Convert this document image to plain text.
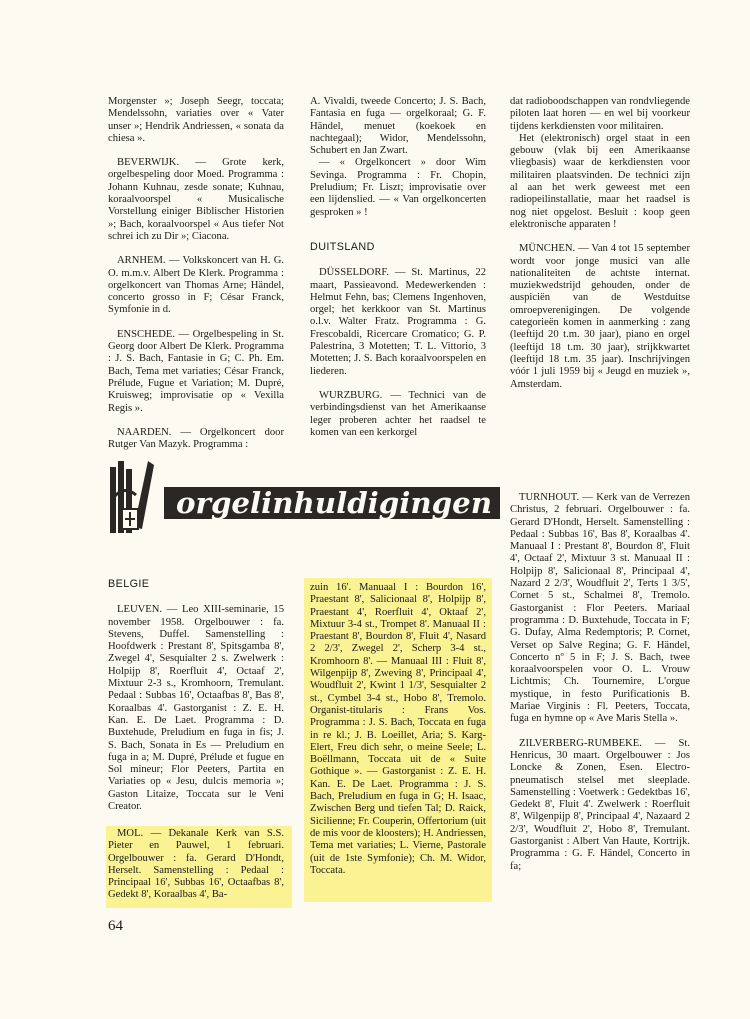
Morgenster »; Joseph Seegr, toccata; Mendelssohn, variaties over « Vater unser »; Hendrik Andriessen, « sonata da chiesa ».

BEVERWIJK. — Grote kerk, orgelbespeling door Moed. Programma : Johann Kuhnau, zesde sonate; Kuhnau, koraalvoorspel « Musicalische Vorstellung einiger Biblischer Historien »; Bach, koraalvoorspel « Aus tiefer Not schrei ich zu Dir »; Ciacona.

ARNHEM. — Volkskoncert van H. G. O. m.m.v. Albert De Klerk. Programma : orgelkoncert van Thomas Arne; Händel, concerto grosso in F; César Franck, Symfonie in d.

ENSCHEDE. — Orgelbespeling in St. Georg door Albert De Klerk. Programma : J. S. Bach, Fantasie in G; C. Ph. Em. Bach, Tema met variaties; César Franck, Prélude, Fugue et Variation; M. Dupré, Kruisweg; improvisatie op « Vexilla Regis ».

NAARDEN. — Orgelkoncert door Rutger Van Mazyk. Programma :

A. Vivaldi, tweede Concerto; J. S. Bach, Fantasia en fuga — orgelkoraal; G. F. Händel, menuet (koekoek en nachtegaal); Widor, Mendelssohn, Schubert en Jan Zwart.

— « Orgelkoncert » door Wim Sevinga. Programma : Fr. Chopin, Preludium; Fr. Liszt; improvisatie over een lijdenslied. — « Van orgelkoncerten gesproken » !

DUITSLAND

DÜSSELDORF. — St. Martinus, 22 maart, Passieavond. Medewerkenden : Helmut Fehn, bas; Clemens Ingenhoven, orgel; het kerkkoor van St. Martinus o.l.v. Walter Fratz. Programma : G. Frescobaldi, Ricercare Cromatico; G. P. Palestrina, 3 Motetten; T. L. Vittorio, 3 Motetten; J. S. Bach koraalvoorspelen en liederen.

WURZBURG. — Technici van de verbindingsdienst van het Amerikaanse leger proberen achter het raadsel te komen van een kerkorgel

dat radioboodschappen van rondvliegende piloten laat horen — en wel bij voorkeur tijdens kerkdiensten voor militairen.

Het (elektronisch) orgel staat in een gebouw (vlak bij een Amerikaanse vliegbasis) waar de kerkdiensten voor militairen plaatsvinden. De technici zijn al aan het werk geweest met een radiopeilinstallatie, maar het raadsel is nog niet opgelost. Besluit : koop geen elektronische apparaten !

MÜNCHEN. — Van 4 tot 15 september wordt voor jonge musici van alle nationaliteiten de achtste internat. muziekwedstrijd gehouden, onder de auspiciën van de Westduitse omroepverenigingen. De volgende categorieën komen in aanmerking : zang (leeftijd 20 t.m. 30 jaar), piano en orgel (leeftijd 18 t.m. 30 jaar), strijkkwartet (leeftijd 18 t.m. 35 jaar). Inschrijvingen vóór 1 juli 1959 bij « Jeugd en muziek », Amsterdam.

orgelinhuldigingen
BELGIE

LEUVEN. — Leo XIII-seminarie, 15 november 1958. Orgelbouwer : fa. Stevens, Duffel. Samenstelling : Hoofdwerk : Prestant 8', Spitsgamba 8', Zwegel 4', Sesquialter 2 s. Zwelwerk : Holpijp 8', Roerfluit 4', Octaaf 2', Mixtuur 2-3 s., Kromhoorn, Tremulant. Pedaal : Subbas 16', Octaafbas 8', Bas 8', Koraalbas 4'. Gastorganist : Z. E. H. Kan. E. De Laet. Programma : D. Buxtehude, Preludium en fuga in fis; J. S. Bach, Sonata in Es — Preludium en fuga in a; M. Dupré, Prélude et fugue en Sol mineur; Flor Peeters, Partita en Variaties op « Jesu, dulcis memoria »; Gaston Litaize, Toccata sur le Veni Creator.

MOL. — Dekanale Kerk van S.S. Pieter en Pauwel, 1 februari. Orgelbouwer : fa. Gerard D'Hondt, Herselt. Samenstelling : Pedaal : Principaal 16', Subbas 16', Octaafbas 8', Gedekt 8', Koraalbas 4', Ba-

zuin 16'. Manuaal I : Bourdon 16', Praestant 8', Salicionaal 8', Holpijp 8', Praestant 4', Roerfluit 4', Oktaaf 2', Mixtuur 3-4 st., Trompet 8'. Manuaal II : Praestant 8', Bourdon 8', Fluit 4', Nasard 2 2/3', Zwegel 2', Scherp 3-4 st., Kromhoorn 8'. — Manuaal III : Fluit 8', Wilgenpijp 8', Zweving 8', Principaal 4', Woudfluit 2', Kwint 1 1/3', Sesquialter 2 st., Cymbel 3-4 st., Hobo 8', Tremolo. Organist-titularis : Frans Vos. Programma : J. S. Bach, Toccata en fuga in re kl.; J. B. Loeillet, Aria; S. Karg-Elert, Freu dich sehr, o meine Seele; L. Boëllmann, Toccata uit de « Suite Gothique ». — Gastorganist : Z. E. H. Kan. E. De Laet. Programma : J. S. Bach, Preludium en fuga in G; H. Isaac, Zwischen Berg und tiefen Tal; D. Raick, Sicilienne; Fr. Couperin, Offertorium (uit de mis voor de kloosters); H. Andriessen, Tema met variaties; L. Vierne, Pastorale (uit de 1ste Symfonie); Ch. M. Widor, Toccata.

TURNHOUT. — Kerk van de Verrezen Christus, 2 februari. Orgelbouwer : fa. Gerard D'Hondt, Herselt. Samenstelling : Pedaal : Subbas 16', Bas 8', Koraalbas 4'. Manuaal I : Prestant 8', Bourdon 8', Fluit 4', Octaaf 2', Mixtuur 3 st. Manuaal II : Holpijp 8', Salicionaal 8', Principaal 4', Nazard 2 2/3', Woudfluit 2', Terts 1 3/5', Cornet 5 st., Schalmei 8', Tremolo. Gastorganist : Flor Peeters. Mariaal programma : D. Buxtehude, Toccata in F; G. Dufay, Alma Redemptoris; P. Cornet, Verset op Salve Regina; G. F. Händel, Concerto nº 5 in F; J. S. Bach, twee koraalvoorspelen voor O. L. Vrouw Lichtmis; Ch. Tournemire, L'orgue mystique, in festo Purificationis B. Mariae Virginis : Fl. Peeters, Toccata, fuga en hymne op « Ave Maris Stella ».

ZILVERBERG-RUMBEKE. — St. Henricus, 30 maart. Orgelbouwer : Jos Loncke & Zonen, Esen. Electro-pneumatisch stelsel met sleeplade. Samenstelling : Voetwerk : Gedektbas 16', Gedekt 8', Fluit 4'. Zwelwerk : Roerfluit 8', Wilgenpijp 8', Principaal 4', Nazaard 2 2/3', Woudfluit 2', Hobo 8', Tremulant. Gastorganist : Albert Van Haute, Kortrijk. Programma : G. F. Händel, Concerto in fa;

64
